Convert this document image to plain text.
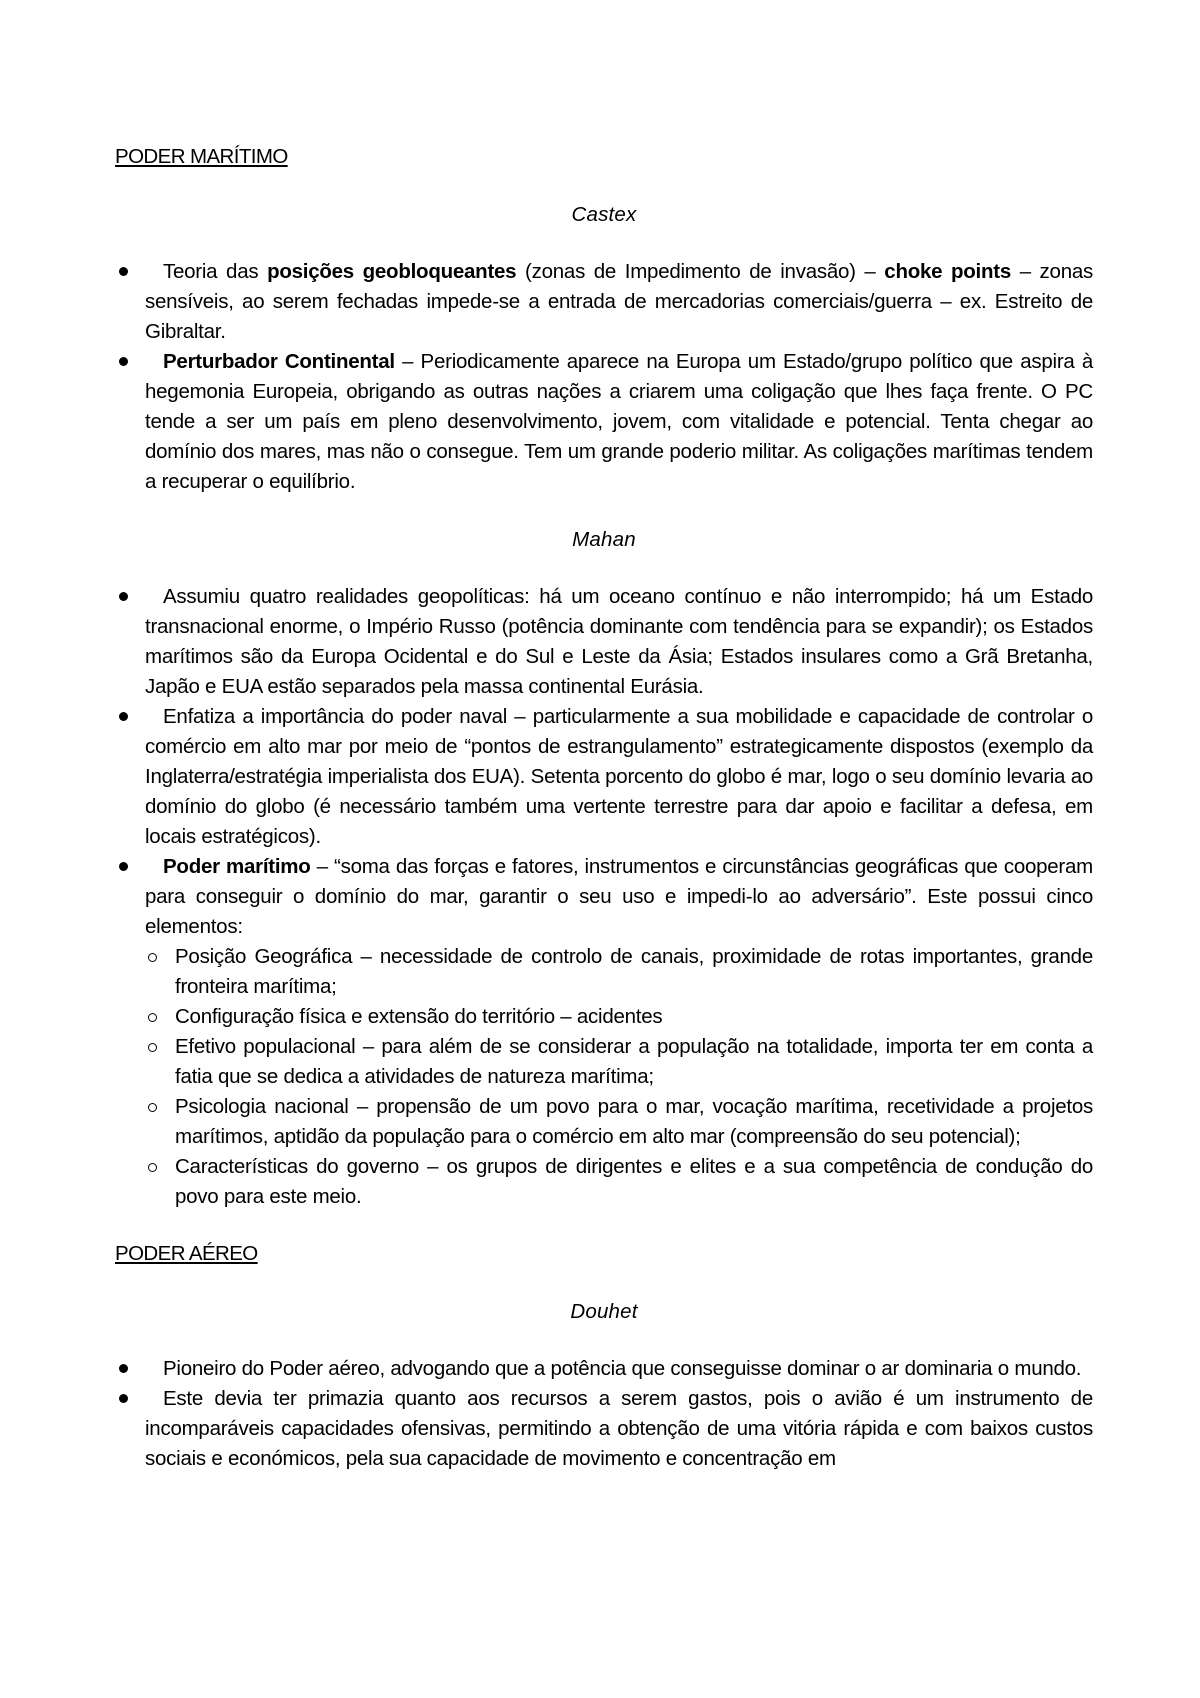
PODER MARÍTIMO
Castex
Teoria das posições geobloqueantes (zonas de Impedimento de invasão) – choke points – zonas sensíveis, ao serem fechadas impede-se a entrada de mercadorias comerciais/guerra – ex. Estreito de Gibraltar.
Perturbador Continental – Periodicamente aparece na Europa um Estado/grupo político que aspira à hegemonia Europeia, obrigando as outras nações a criarem uma coligação que lhes faça frente. O PC tende a ser um país em pleno desenvolvimento, jovem, com vitalidade e potencial. Tenta chegar ao domínio dos mares, mas não o consegue. Tem um grande poderio militar. As coligações marítimas tendem a recuperar o equilíbrio.
Mahan
Assumiu quatro realidades geopolíticas: há um oceano contínuo e não interrompido; há um Estado transnacional enorme, o Império Russo (potência dominante com tendência para se expandir); os Estados marítimos são da Europa Ocidental e do Sul e Leste da Ásia; Estados insulares como a Grã Bretanha, Japão e EUA estão separados pela massa continental Eurásia.
Enfatiza a importância do poder naval – particularmente a sua mobilidade e capacidade de controlar o comércio em alto mar por meio de “pontos de estrangulamento” estrategicamente dispostos (exemplo da Inglaterra/estratégia imperialista dos EUA). Setenta porcento do globo é mar, logo o seu domínio levaria ao domínio do globo (é necessário também uma vertente terrestre para dar apoio e facilitar a defesa, em locais estratégicos).
Poder marítimo – “soma das forças e fatores, instrumentos e circunstâncias geográficas que cooperam para conseguir o domínio do mar, garantir o seu uso e impedi-lo ao adversário”. Este possui cinco elementos:
Posição Geográfica – necessidade de controlo de canais, proximidade de rotas importantes, grande fronteira marítima;
Configuração física e extensão do território – acidentes
Efetivo populacional – para além de se considerar a população na totalidade, importa ter em conta a fatia que se dedica a atividades de natureza marítima;
Psicologia nacional – propensão de um povo para o mar, vocação marítima, recetividade a projetos marítimos, aptidão da população para o comércio em alto mar (compreensão do seu potencial);
Características do governo – os grupos de dirigentes e elites e a sua competência de condução do povo para este meio.
PODER AÉREO
Douhet
Pioneiro do Poder aéreo, advogando que a potência que conseguisse dominar o ar dominaria o mundo.
Este devia ter primazia quanto aos recursos a serem gastos, pois o avião é um instrumento de incomparáveis capacidades ofensivas, permitindo a obtenção de uma vitória rápida e com baixos custos sociais e económicos, pela sua capacidade de movimento e concentração em
